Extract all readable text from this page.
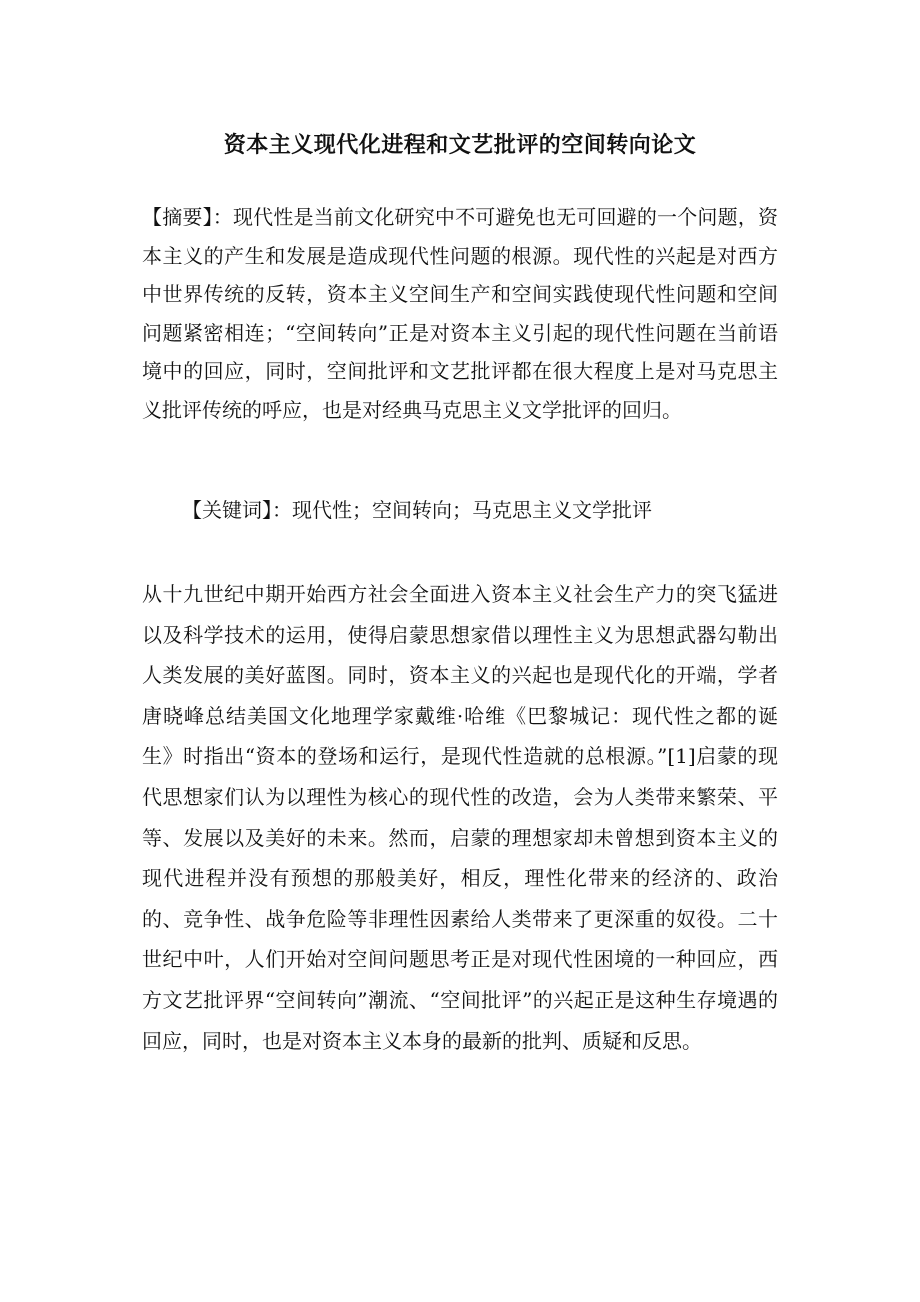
资本主义现代化进程和文艺批评的空间转向论文

【摘要】：现代性是当前文化研究中不可避免也无可回避的一个问题，资本主义的产生和发展是造成现代性问题的根源。现代性的兴起是对西方中世界传统的反转，资本主义空间生产和空间实践使现代性问题和空间问题紧密相连；“空间转向”正是对资本主义引起的现代性问题在当前语境中的回应，同时，空间批评和文艺批评都在很大程度上是对马克思主义批评传统的呼应，也是对经典马克思主义文学批评的回归。

【关键词】：现代性；空间转向；马克思主义文学批评

从十九世纪中期开始西方社会全面进入资本主义社会生产力的突飞猛进以及科学技术的运用，使得启蒙思想家借以理性主义为思想武器勾勒出人类发展的美好蓝图。同时，资本主义的兴起也是现代化的开端，学者唐晓峰总结美国文化地理学家戴维·哈维《巴黎城记：现代性之都的诞生》时指出“资本的登场和运行，是现代性造就的总根源。”[1]启蒙的现代思想家们认为以理性为核心的现代性的改造，会为人类带来繁荣、平等、发展以及美好的未来。然而，启蒙的理想家却未曾想到资本主义的现代进程并没有预想的那般美好，相反，理性化带来的经济的、政治的、竞争性、战争危险等非理性因素给人类带来了更深重的奴役。二十世纪中叶，人们开始对空间问题思考正是对现代性困境的一种回应，西方文艺批评界“空间转向”潮流、“空间批评”的兴起正是这种生存境遇的回应，同时，也是对资本主义本身的最新的批判、质疑和反思。
